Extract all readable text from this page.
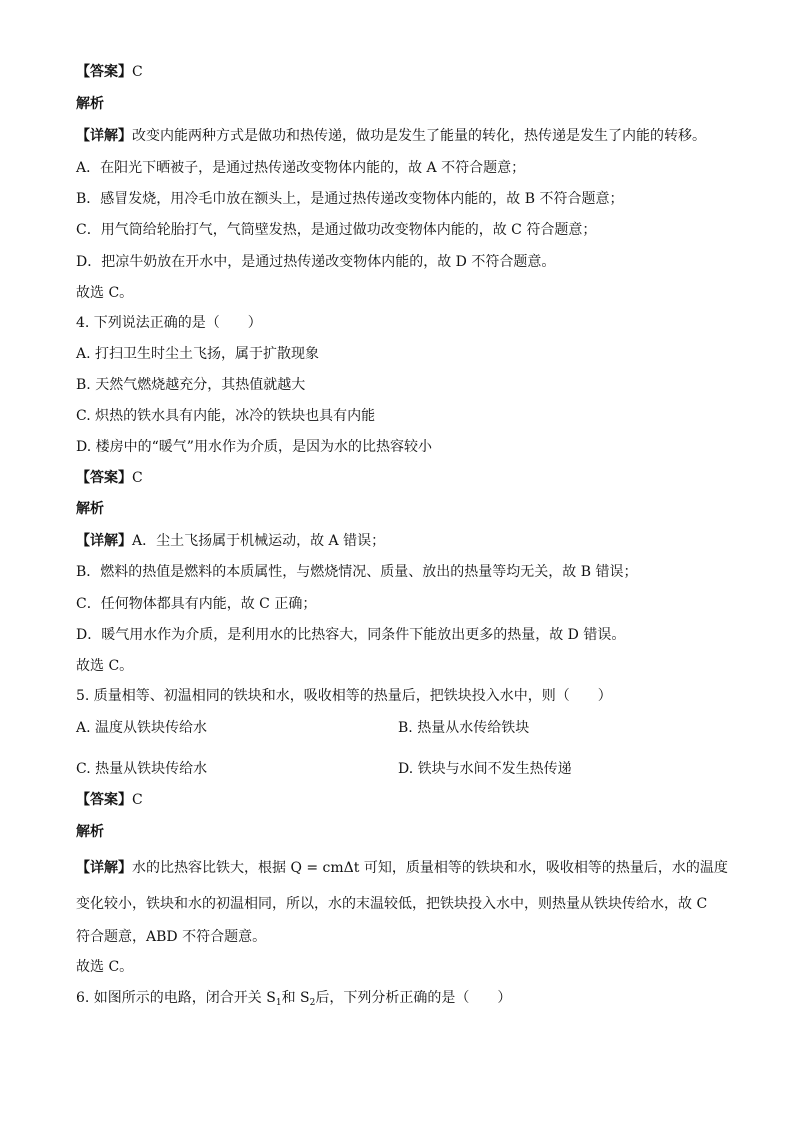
【答案】C
解析
【详解】改变内能两种方式是做功和热传递，做功是发生了能量的转化，热传递是发生了内能的转移。
A．在阳光下晒被子，是通过热传递改变物体内能的，故 A 不符合题意；
B．感冒发烧，用冷毛巾放在额头上，是通过热传递改变物体内能的，故 B 不符合题意；
C．用气筒给轮胎打气，气筒壁发热，是通过做功改变物体内能的，故 C 符合题意；
D．把凉牛奶放在开水中，是通过热传递改变物体内能的，故 D 不符合题意。
故选 C。
4. 下列说法正确的是（　　）
A. 打扫卫生时尘土飞扬，属于扩散现象
B. 天然气燃烧越充分，其热值就越大
C. 炽热的铁水具有内能，冰冷的铁块也具有内能
D. 楼房中的“暖气”用水作为介质，是因为水的比热容较小
【答案】C
解析
【详解】A．尘土飞扬属于机械运动，故 A 错误；
B．燃料的热值是燃料的本质属性，与燃烧情况、质量、放出的热量等均无关，故 B 错误；
C．任何物体都具有内能，故 C 正确；
D．暖气用水作为介质，是利用水的比热容大，同条件下能放出更多的热量，故 D 错误。
故选 C。
5. 质量相等、初温相同的铁块和水，吸收相等的热量后，把铁块投入水中，则（　　）
A. 温度从铁块传给水	B. 热量从水传给铁块
C. 热量从铁块传给水	D. 铁块与水间不发生热传递
【答案】C
解析
【详解】水的比热容比铁大，根据 Q = cmΔt 可知，质量相等的铁块和水，吸收相等的热量后，水的温度
变化较小，铁块和水的初温相同，所以，水的末温较低，把铁块投入水中，则热量从铁块传给水，故 C
符合题意，ABD 不符合题意。
故选 C。
6. 如图所示的电路，闭合开关 $S_1$和 $S_2$后，下列分析正确的是（　　）
